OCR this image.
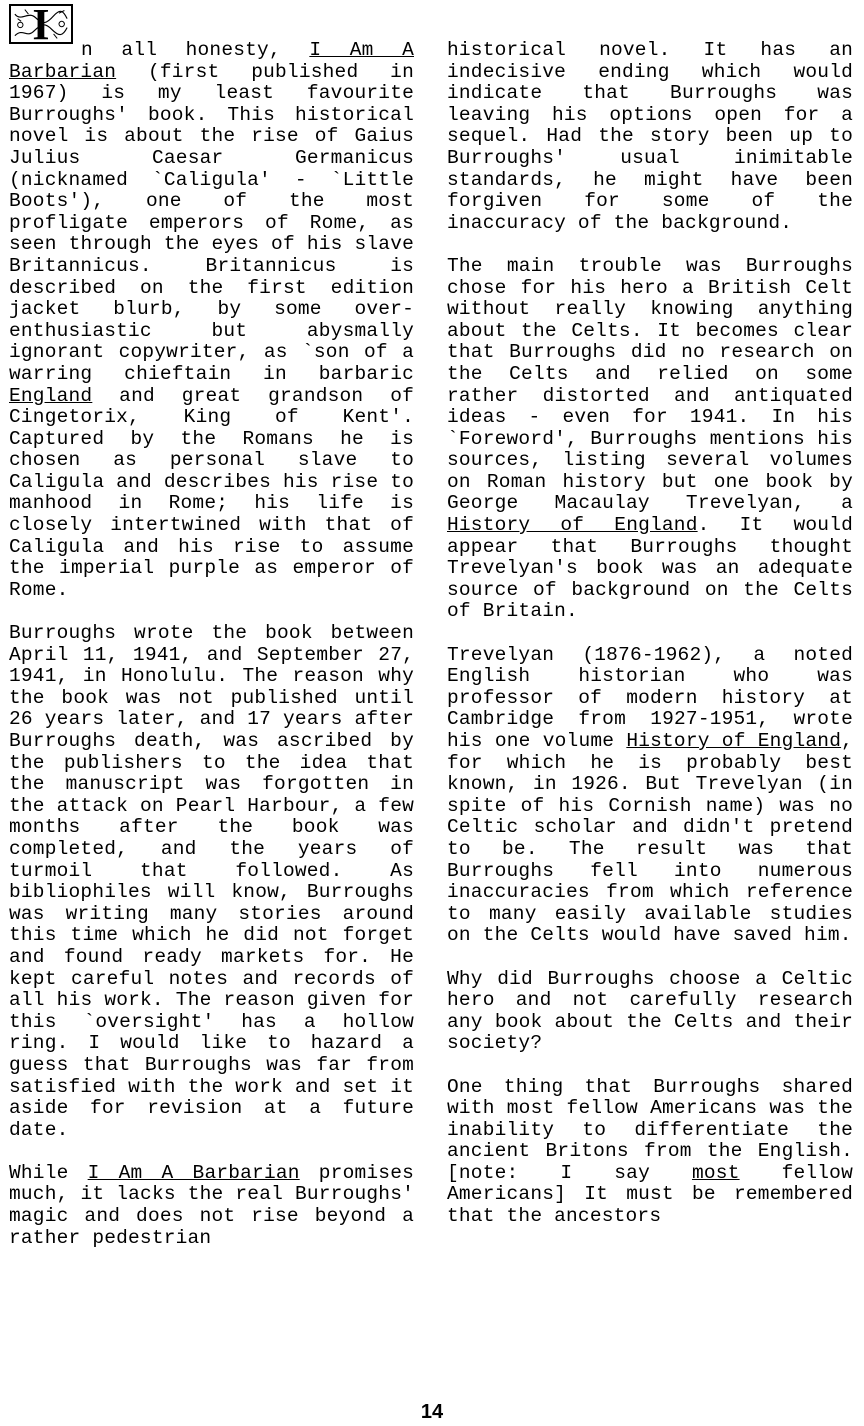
I
n all honesty, I Am A Barbarian (first published in 1967) is my least favourite Burroughs' book. This historical novel is about the rise of Gaius Julius Caesar Germanicus (nicknamed `Caligula' - `Little Boots'), one of the most profligate emperors of Rome, as seen through the eyes of his slave Britannicus. Britannicus is described on the first edition jacket blurb, by some over-enthusiastic but abysmally ignorant copywriter, as `son of a warring chieftain in barbaric England and great grandson of Cingetorix, King of Kent'. Captured by the Romans he is chosen as personal slave to Caligula and describes his rise to manhood in Rome; his life is closely intertwined with that of Caligula and his rise to assume the imperial purple as emperor of Rome.

Burroughs wrote the book between April 11, 1941, and September 27, 1941, in Honolulu. The reason why the book was not published until 26 years later, and 17 years after Burroughs death, was ascribed by the publishers to the idea that the manuscript was forgotten in the attack on Pearl Harbour, a few months after the book was completed, and the years of turmoil that followed. As bibliophiles will know, Burroughs was writing many stories around this time which he did not forget and found ready markets for. He kept careful notes and records of all his work. The reason given for this `oversight' has a hollow ring. I would like to hazard a guess that Burroughs was far from satisfied with the work and set it aside for revision at a future date.

While I Am A Barbarian promises much, it lacks the real Burroughs' magic and does not rise beyond a rather pedestrian

historical novel. It has an indecisive ending which would indicate that Burroughs was leaving his options open for a sequel. Had the story been up to Burroughs' usual inimitable standards, he might have been forgiven for some of the inaccuracy of the background.

The main trouble was Burroughs chose for his hero a British Celt without really knowing anything about the Celts. It becomes clear that Burroughs did no research on the Celts and relied on some rather distorted and antiquated ideas - even for 1941. In his `Foreword', Burroughs mentions his sources, listing several volumes on Roman history but one book by George Macaulay Trevelyan, a History of England. It would appear that Burroughs thought Trevelyan's book was an adequate source of background on the Celts of Britain.

Trevelyan (1876-1962), a noted English historian who was professor of modern history at Cambridge from 1927-1951, wrote his one volume History of England, for which he is probably best known, in 1926. But Trevelyan (in spite of his Cornish name) was no Celtic scholar and didn't pretend to be. The result was that Burroughs fell into numerous inaccuracies from which reference to many easily available studies on the Celts would have saved him.

Why did Burroughs choose a Celtic hero and not carefully research any book about the Celts and their society?

One thing that Burroughs shared with most fellow Americans was the inability to differentiate the ancient Britons from the English. [note: I say most fellow Americans] It must be remembered that the ancestors

14
